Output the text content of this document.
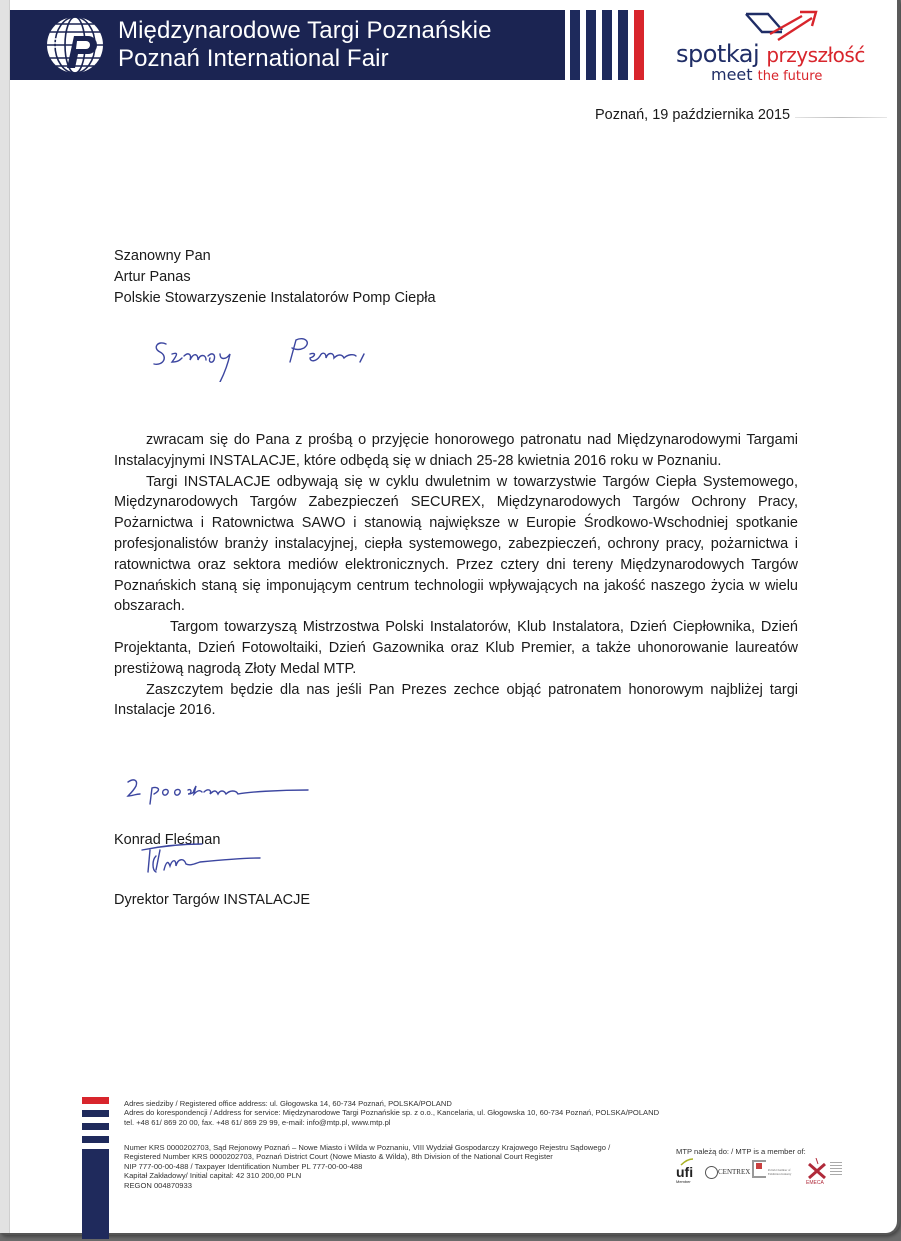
Międzynarodowe Targi Poznańskie
Poznań International Fair	spotkaj przyszłość
meet the future
Poznań, 19 października 2015
Szanowny Pan
Artur Panas
Polskie Stowarzyszenie Instalatorów Pomp Ciepła

zwracam się do Pana z prośbą o przyjęcie honorowego patronatu nad Międzynarodowymi Targami Instalacyjnymi INSTALACJE, które odbędą się w dniach 25-28 kwietnia 2016 roku w Poznaniu.

Targi INSTALACJE odbywają się w cyklu dwuletnim w towarzystwie Targów Ciepła Systemowego, Międzynarodowych Targów Zabezpieczeń SECUREX, Międzynarodowych Targów Ochrony Pracy, Pożarnictwa i Ratownictwa SAWO i stanowią największe w Europie Środkowo-Wschodniej spotkanie profesjonalistów branży instalacyjnej, ciepła systemowego, zabezpieczeń, ochrony pracy, pożarnictwa i ratownictwa oraz sektora mediów elektronicznych. Przez cztery dni tereny Międzynarodowych Targów Poznańskich staną się imponującym centrum technologii wpływających na jakość naszego życia w wielu obszarach.

Targom towarzyszą Mistrzostwa Polski Instalatorów, Klub Instalatora, Dzień Ciepłownika, Dzień Projektanta, Dzień Fotowoltaiki, Dzień Gazownika oraz Klub Premier, a także uhonorowanie laureatów prestiżową nagrodą Złoty Medal MTP.

Zaszczytem będzie dla nas jeśli Pan Prezes zechce objąć patronatem honorowym najbliżej targi Instalacje 2016.

Konrad Fleśman
Dyrektor Targów INSTALACJE
Adres siedziby / Registered office address: ul. Głogowska 14, 60-734 Poznań, POLSKA/POLAND
Adres do korespondencji / Address for service: Międzynarodowe Targi Poznańskie sp. z o.o., Kancelaria, ul. Głogowska 10, 60-734 Poznań, POLSKA/POLAND
tel. +48 61/ 869 20 00, fax. +48 61/ 869 29 99, e-mail: info@mtp.pl, www.mtp.pl
Numer KRS 0000202703, Sąd Rejonowy Poznań – Nowe Miasto i Wilda w Poznaniu, VIII Wydział Gospodarczy Krajowego Rejestru Sądowego /
Registered Number KRS 0000202703, Poznań District Court (Nowe Miasto & Wilda), 8th Division of the National Court Register
NIP 777-00-00-488 / Taxpayer Identification Number PL 777-00-00-488
Kapitał Zakładowy/ Initial capital: 42 310 200,00 PLN
REGON 004870933
MTP należą do: / MTP is a member of:
ufi
Member
CENTREX	Polish Chamber of Exhibition Industry
EMECA
